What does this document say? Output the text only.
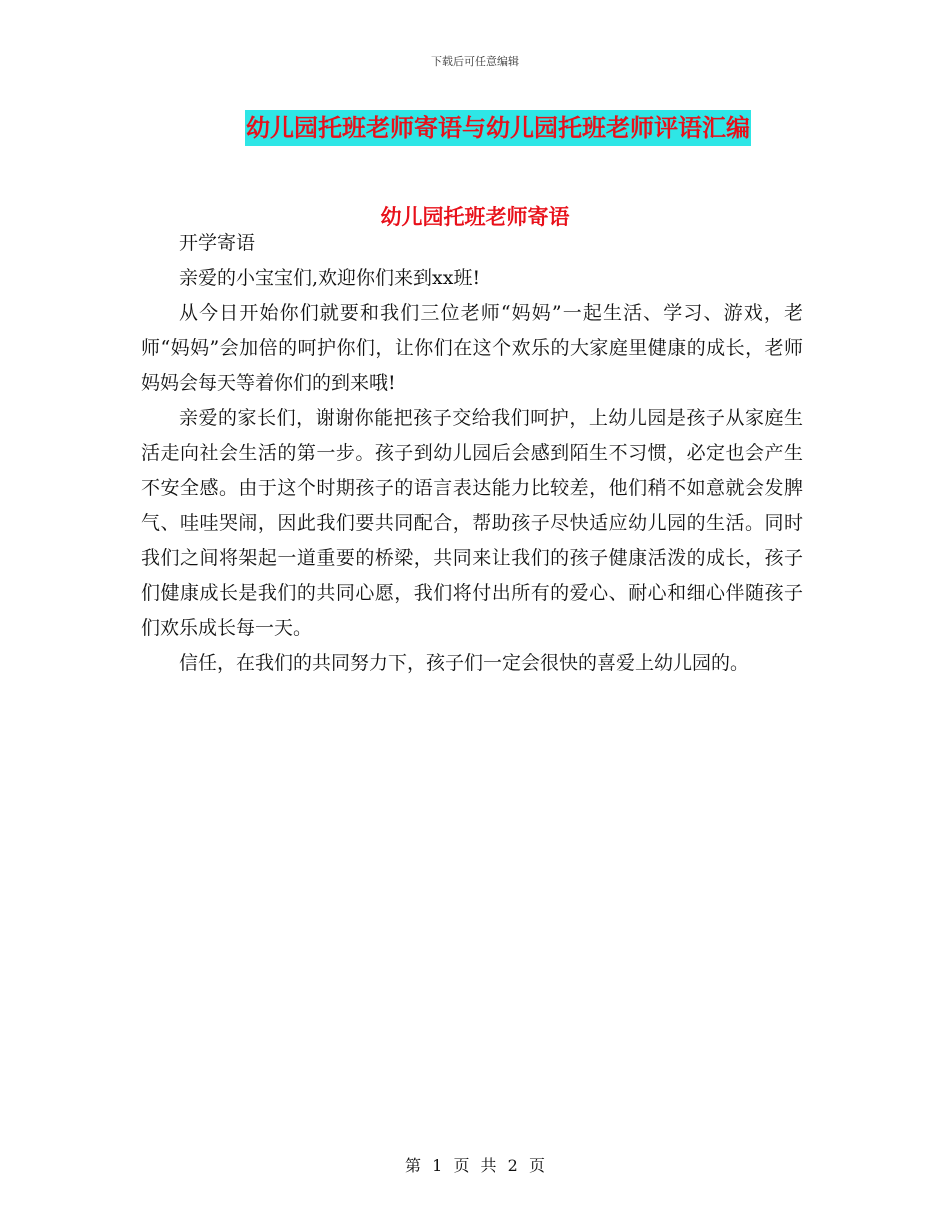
下载后可任意编辑
幼儿园托班老师寄语与幼儿园托班老师评语汇编
幼儿园托班老师寄语

开学寄语

亲爱的小宝宝们,欢迎你们来到xx班!

从今日开始你们就要和我们三位老师“妈妈”一起生活、学习、游戏，老师“妈妈”会加倍的呵护你们，让你们在这个欢乐的大家庭里健康的成长，老师妈妈会每天等着你们的到来哦!

亲爱的家长们，谢谢你能把孩子交给我们呵护，上幼儿园是孩子从家庭生活走向社会生活的第一步。孩子到幼儿园后会感到陌生不习惯，必定也会产生不安全感。由于这个时期孩子的语言表达能力比较差，他们稍不如意就会发脾气、哇哇哭闹，因此我们要共同配合，帮助孩子尽快适应幼儿园的生活。同时我们之间将架起一道重要的桥梁，共同来让我们的孩子健康活泼的成长，孩子们健康成长是我们的共同心愿，我们将付出所有的爱心、耐心和细心伴随孩子们欢乐成长每一天。

信任，在我们的共同努力下，孩子们一定会很快的喜爱上幼儿园的。

第 1 页 共 2 页
